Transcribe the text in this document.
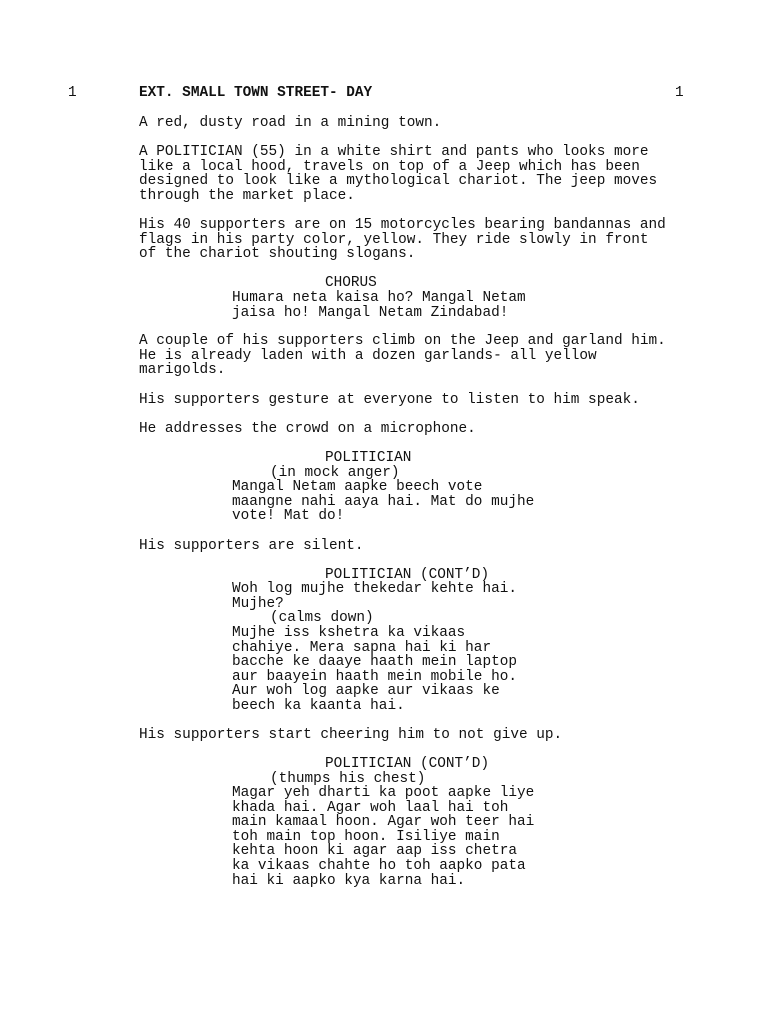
1	EXT. SMALL TOWN STREET- DAY	1
A red, dusty road in a mining town.
A POLITICIAN (55) in a white shirt and pants who looks more
like a local hood, travels on top of a Jeep which has been
designed to look like a mythological chariot. The jeep moves
through the market place.
His 40 supporters are on 15 motorcycles bearing bandannas and
flags in his party color, yellow. They ride slowly in front
of the chariot shouting slogans.
CHORUS
Humara neta kaisa ho? Mangal Netam
jaisa ho! Mangal Netam Zindabad!
A couple of his supporters climb on the Jeep and garland him.
He is already laden with a dozen garlands- all yellow
marigolds.
His supporters gesture at everyone to listen to him speak.
He addresses the crowd on a microphone.
POLITICIAN
(in mock anger)
Mangal Netam aapke beech vote
maangne nahi aaya hai. Mat do mujhe
vote! Mat do!
His supporters are silent.
POLITICIAN (CONT’D)
Woh log mujhe thekedar kehte hai.
Mujhe?
(calms down)
Mujhe iss kshetra ka vikaas
chahiye. Mera sapna hai ki har
bacche ke daaye haath mein laptop
aur baayein haath mein mobile ho.
Aur woh log aapke aur vikaas ke
beech ka kaanta hai.
His supporters start cheering him to not give up.
POLITICIAN (CONT’D)
(thumps his chest)
Magar yeh dharti ka poot aapke liye
khada hai. Agar woh laal hai toh
main kamaal hoon. Agar woh teer hai
toh main top hoon. Isiliye main
kehta hoon ki agar aap iss chetra
ka vikaas chahte ho toh aapko pata
hai ki aapko kya karna hai.
